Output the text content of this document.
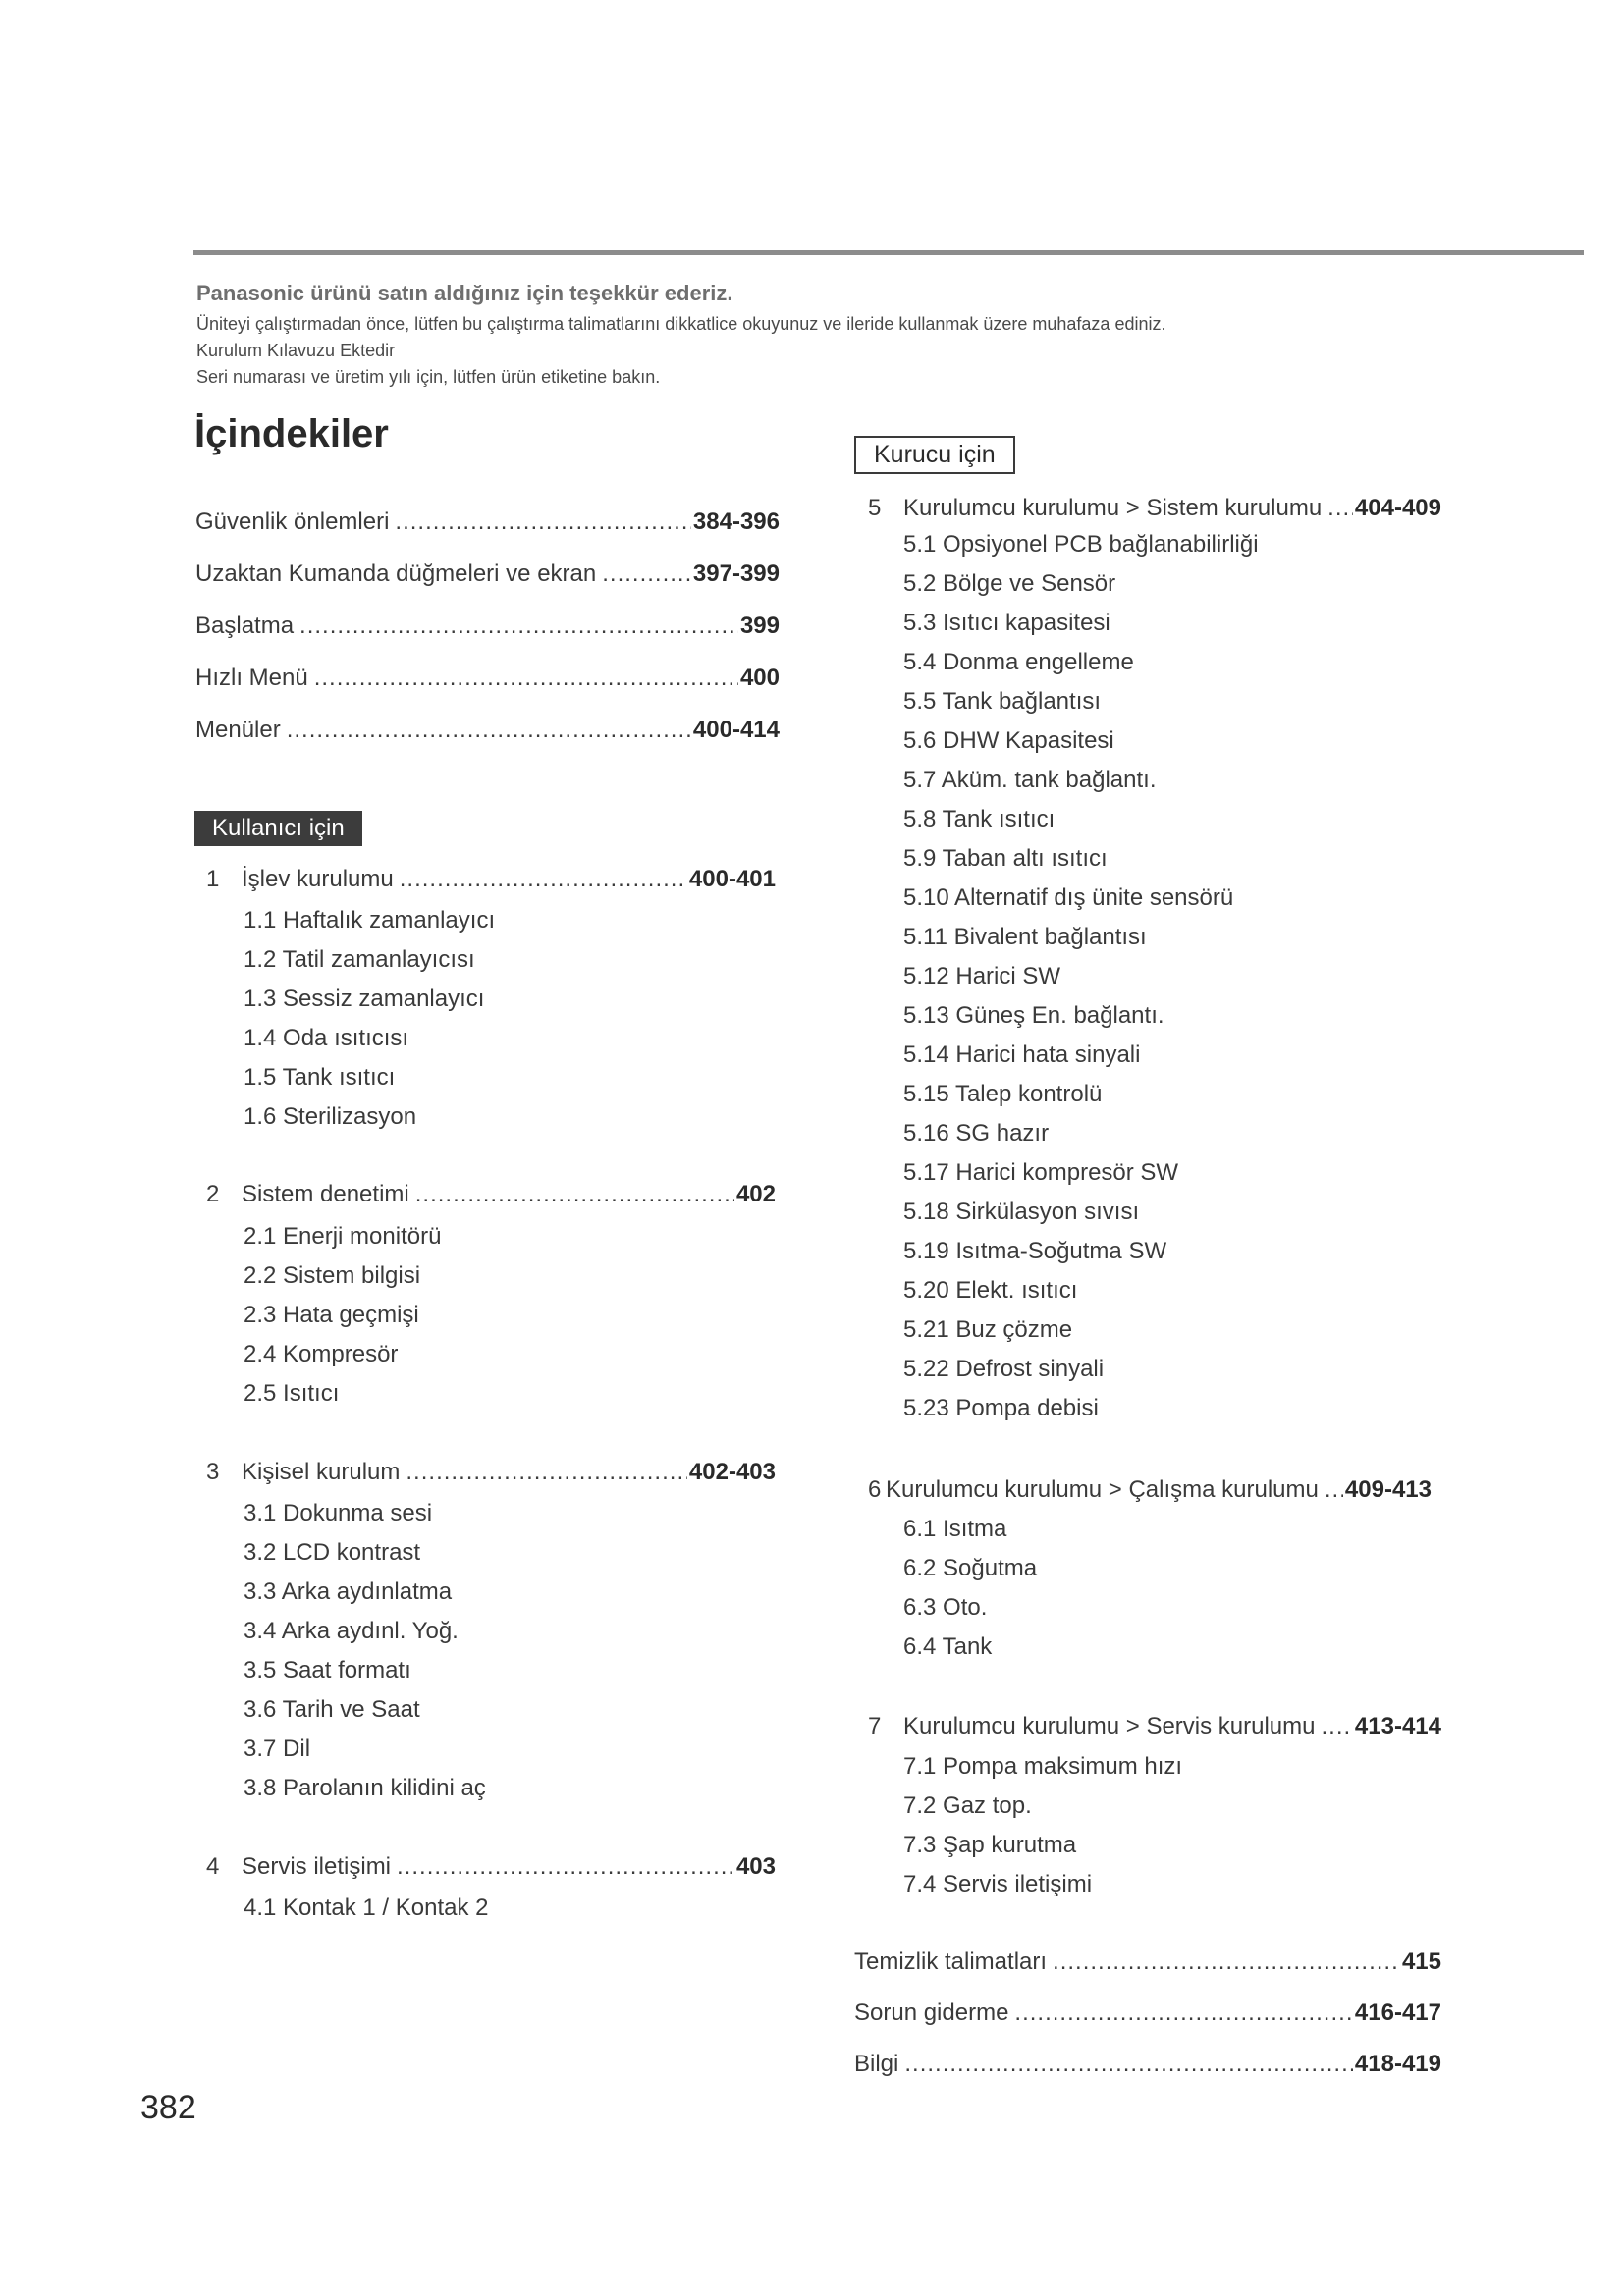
Panasonic ürünü satın aldığınız için teşekkür ederiz.

Üniteyi çalıştırmadan önce, lütfen bu çalıştırma talimatlarını dikkatlice okuyunuz ve ileride kullanmak üzere muhafaza ediniz.

Kurulum Kılavuzu Ektedir

Seri numarası ve üretim yılı için, lütfen ürün etiketine bakın.

İçindekiler
Güvenlik önlemleri .....	384-396
Uzaktan Kumanda düğmeleri ve ekran .....	397-399
Başlatma .....	399
Hızlı Menü .....	400
Menüler .....	400-414
Kullanıcı için
1 İşlev kurulumu .....	400-401
1.1 Haftalık zamanlayıcı
1.2 Tatil zamanlayıcısı
1.3 Sessiz zamanlayıcı
1.4 Oda ısıtıcısı
1.5 Tank ısıtıcı
1.6 Sterilizasyon
2 Sistem denetimi .....	402
2.1 Enerji monitörü
2.2 Sistem bilgisi
2.3 Hata geçmişi
2.4 Kompresör
2.5 Isıtıcı
3 Kişisel kurulum .....	402-403
3.1 Dokunma sesi
3.2 LCD kontrast
3.3 Arka aydınlatma
3.4 Arka aydınl. Yoğ.
3.5 Saat formatı
3.6 Tarih ve Saat
3.7 Dil
3.8 Parolanın kilidini aç
4 Servis iletişimi .....	403
4.1 Kontak 1 / Kontak 2
Kurucu için
5 Kurulumcu kurulumu > Sistem kurulumu ..... 404-409
5.1 Opsiyonel PCB bağlanabilirliği
5.2 Bölge ve Sensör
5.3 Isıtıcı kapasitesi
5.4 Donma engelleme
5.5 Tank bağlantısı
5.6 DHW Kapasitesi
5.7 Aküm. tank bağlantı.
5.8 Tank ısıtıcı
5.9 Taban altı ısıtıcı
5.10 Alternatif dış ünite sensörü
5.11 Bivalent bağlantısı
5.12 Harici SW
5.13 Güneş En. bağlantı.
5.14 Harici hata sinyali
5.15 Talep kontrolü
5.16 SG hazır
5.17 Harici kompresör SW
5.18 Sirkülasyon sıvısı
5.19 Isıtma-Soğutma SW
5.20 Elekt. ısıtıcı
5.21 Buz çözme
5.22 Defrost sinyali
5.23 Pompa debisi
6 Kurulumcu kurulumu > Çalışma kurulumu ..... 409-413
6.1 Isıtma
6.2 Soğutma
6.3 Oto.
6.4 Tank
7 Kurulumcu kurulumu > Servis kurulumu ..... 413-414
7.1 Pompa maksimum hızı
7.2 Gaz top.
7.3 Şap kurutma
7.4 Servis iletişimi
Temizlik talimatları .....	415
Sorun giderme .....	416-417
Bilgi .....	418-419
382
